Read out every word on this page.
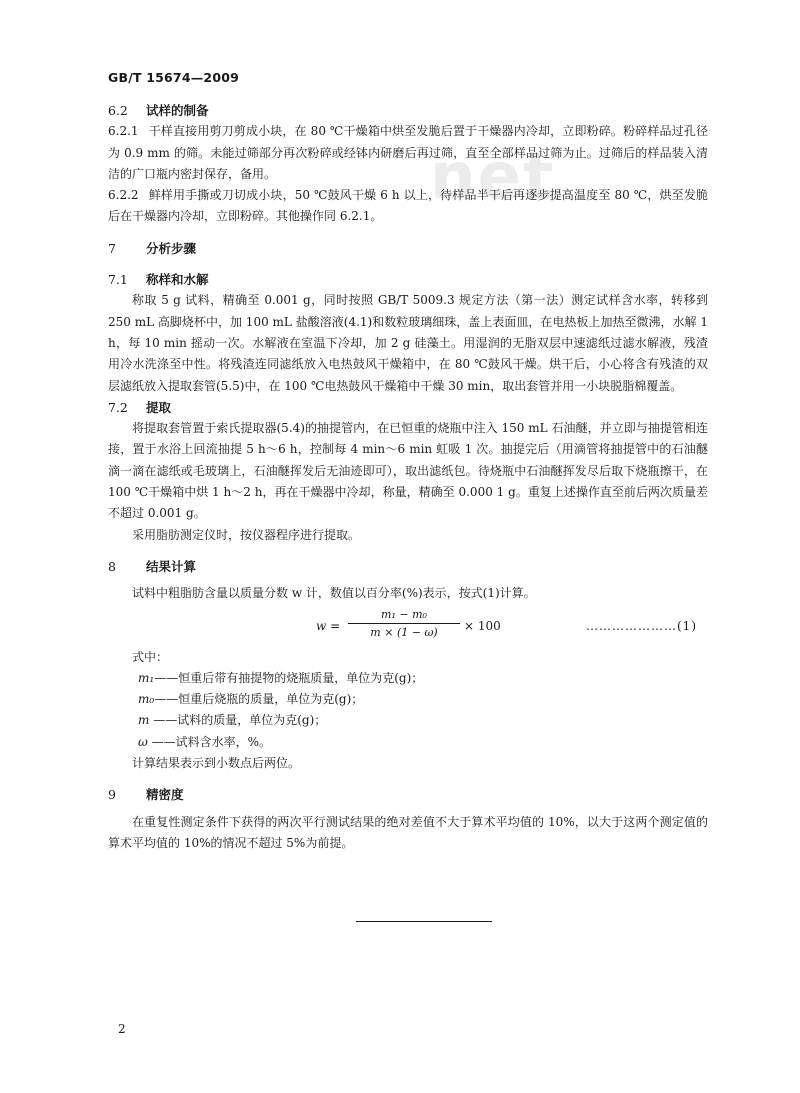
GB/T 15674—2009
net
6.2 试样的制备
6.2.1 干样直接用剪刀剪成小块，在 80 ℃干燥箱中烘至发脆后置于干燥器内冷却，立即粉碎。粉碎样品过孔径为 0.9 mm 的筛。未能过筛部分再次粉碎或经钵内研磨后再过筛，直至全部样品过筛为止。过筛后的样品装入清洁的广口瓶内密封保存，备用。
6.2.2 鲜样用手撕或刀切成小块，50 ℃鼓风干燥 6 h 以上，待样品半干后再逐步提高温度至 80 ℃，烘至发脆后在干燥器内冷却，立即粉碎。其他操作同 6.2.1。
7 分析步骤
7.1 称样和水解
称取 5 g 试料，精确至 0.001 g，同时按照 GB/T 5009.3 规定方法（第一法）测定试样含水率，转移到 250 mL 高脚烧杯中，加 100 mL 盐酸溶液(4.1)和数粒玻璃细珠，盖上表面皿，在电热板上加热至微沸，水解 1 h，每 10 min 摇动一次。水解液在室温下冷却，加 2 g 硅藻土。用湿润的无脂双层中速滤纸过滤水解液，残渣用冷水洗涤至中性。将残渣连同滤纸放入电热鼓风干燥箱中，在 80 ℃鼓风干燥。烘干后，小心将含有残渣的双层滤纸放入提取套管(5.5)中，在 100 ℃电热鼓风干燥箱中干燥 30 min，取出套管并用一小块脱脂棉覆盖。
7.2 提取
将提取套管置于索氏提取器(5.4)的抽提管内，在已恒重的烧瓶中注入 150 mL 石油醚，并立即与抽提管相连接，置于水浴上回流抽提 5 h～6 h，控制每 4 min～6 min 虹吸 1 次。抽提完后（用滴管将抽提管中的石油醚滴一滴在滤纸或毛玻璃上，石油醚挥发后无油迹即可），取出滤纸包。待烧瓶中石油醚挥发尽后取下烧瓶擦干，在 100 ℃干燥箱中烘 1 h～2 h，再在干燥器中冷却，称量，精确至 0.000 1 g。重复上述操作直至前后两次质量差不超过 0.001 g。
采用脂肪测定仪时，按仪器程序进行提取。
8 结果计算
试料中粗脂肪含量以质量分数 w 计，数值以百分率(%)表示，按式(1)计算。
w =
m₁ − m₀
m × (1 − ω)	× 100	…………………(1)
式中：
m₁——恒重后带有抽提物的烧瓶质量，单位为克(g)；
m₀——恒重后烧瓶的质量，单位为克(g)；
m ——试料的质量，单位为克(g)；
ω ——试料含水率，%。
计算结果表示到小数点后两位。
9 精密度
在重复性测定条件下获得的两次平行测试结果的绝对差值不大于算术平均值的 10%，以大于这两个测定值的算术平均值的 10%的情况不超过 5%为前提。
2
